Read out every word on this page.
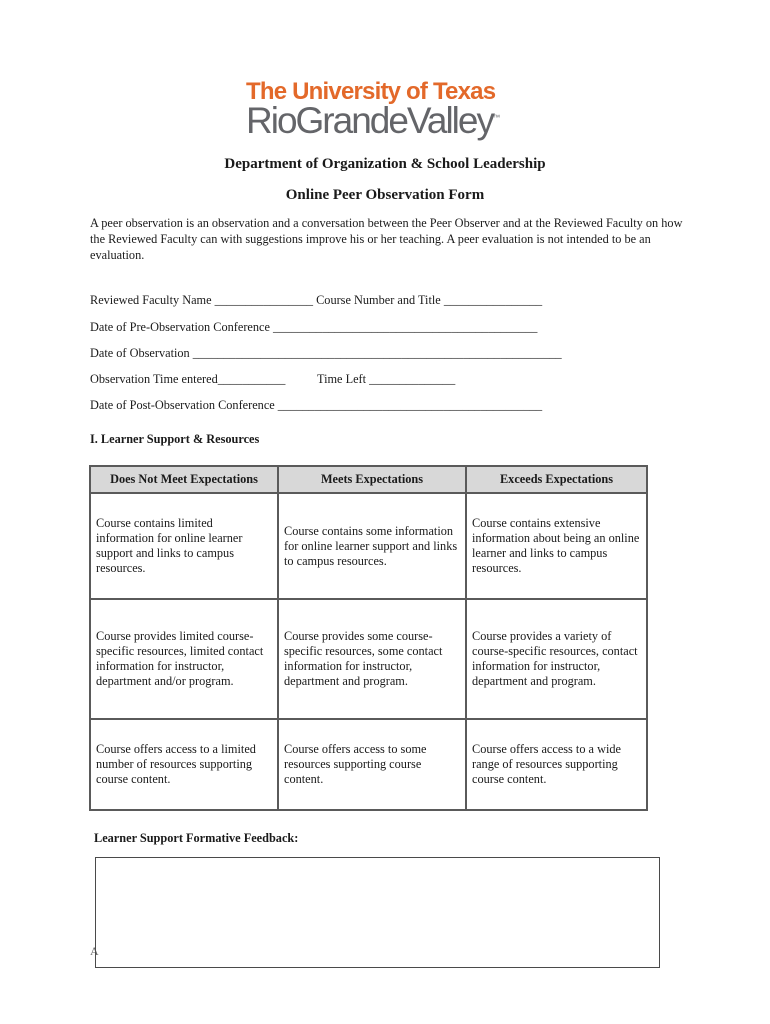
The University of Texas
RioGrandeValley™
Department of Organization & School Leadership
Online Peer Observation Form
A peer observation is an observation and a conversation between the Peer Observer and at the Reviewed Faculty on how the Reviewed Faculty can with suggestions improve his or her teaching. A peer evaluation is not intended to be an evaluation.
Reviewed Faculty Name ________________ Course Number and Title ________________
Date of Pre-Observation Conference ___________________________________________
Date of Observation ____________________________________________________________
Observation Time entered___________	Time Left ______________
Date of Post-Observation Conference ___________________________________________
I. Learner Support & Resources
Does Not Meet Expectations	Meets Expectations	Exceeds Expectations
Course contains limited information for online learner support and links to campus resources.	Course contains some information for online learner support and links to campus resources.	Course contains extensive information about being an online learner and links to campus resources.
Course provides limited course-specific resources, limited contact information for instructor, department and/or program.	Course provides some course-specific resources, some contact information for instructor, department and program.	Course provides a variety of course-specific resources, contact information for instructor, department and program.
Course offers access to a limited number of resources supporting course content.	Course offers access to some resources supporting course content.	Course offers access to a wide range of resources supporting course content.
Learner Support Formative Feedback:
A
